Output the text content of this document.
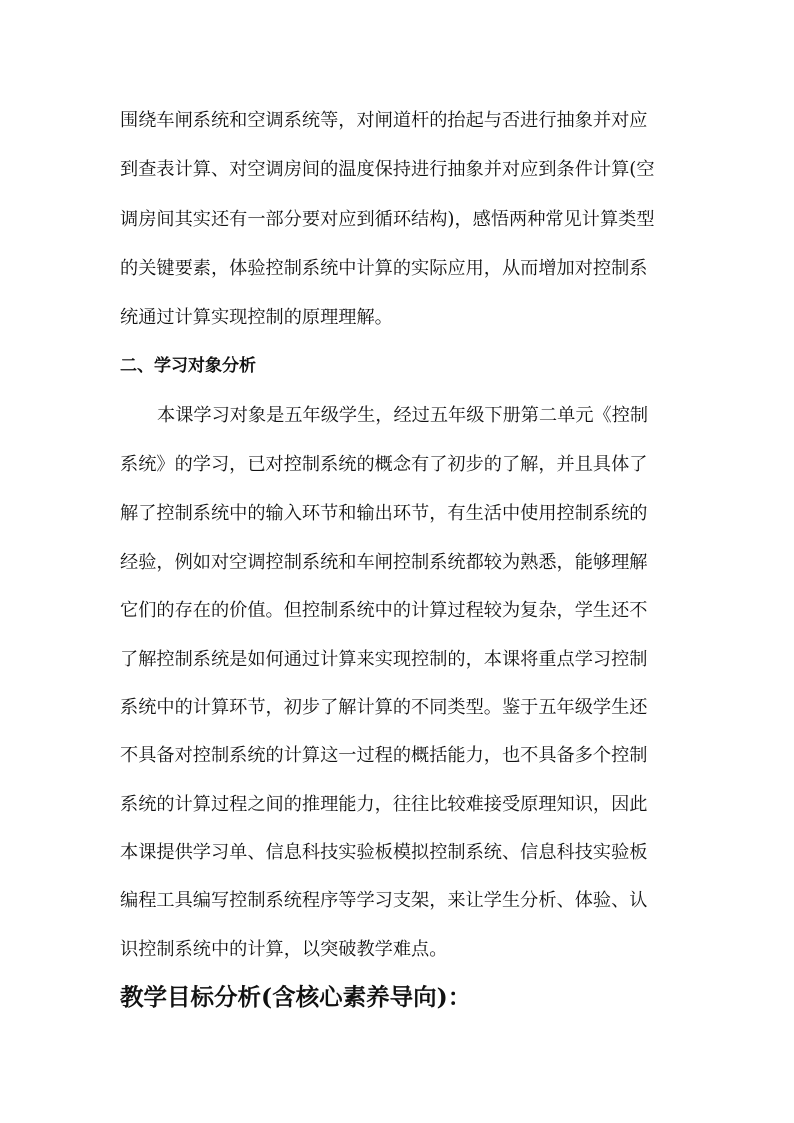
围绕车闸系统和空调系统等，对闸道杆的抬起与否进行抽象并对应
到查表计算、对空调房间的温度保持进行抽象并对应到条件计算(空
调房间其实还有一部分要对应到循环结构)，感悟两种常见计算类型
的关键要素，体验控制系统中计算的实际应用，从而增加对控制系
统通过计算实现控制的原理理解。
二、学习对象分析
本课学习对象是五年级学生，经过五年级下册第二单元《控制
系统》的学习，已对控制系统的概念有了初步的了解，并且具体了
解了控制系统中的输入环节和输出环节，有生活中使用控制系统的
经验，例如对空调控制系统和车闸控制系统都较为熟悉，能够理解
它们的存在的价值。但控制系统中的计算过程较为复杂，学生还不
了解控制系统是如何通过计算来实现控制的，本课将重点学习控制
系统中的计算环节，初步了解计算的不同类型。鉴于五年级学生还
不具备对控制系统的计算这一过程的概括能力，也不具备多个控制
系统的计算过程之间的推理能力，往往比较难接受原理知识，因此
本课提供学习单、信息科技实验板模拟控制系统、信息科技实验板
编程工具编写控制系统程序等学习支架，来让学生分析、体验、认
识控制系统中的计算，以突破教学难点。
教学目标分析(含核心素养导向)：
